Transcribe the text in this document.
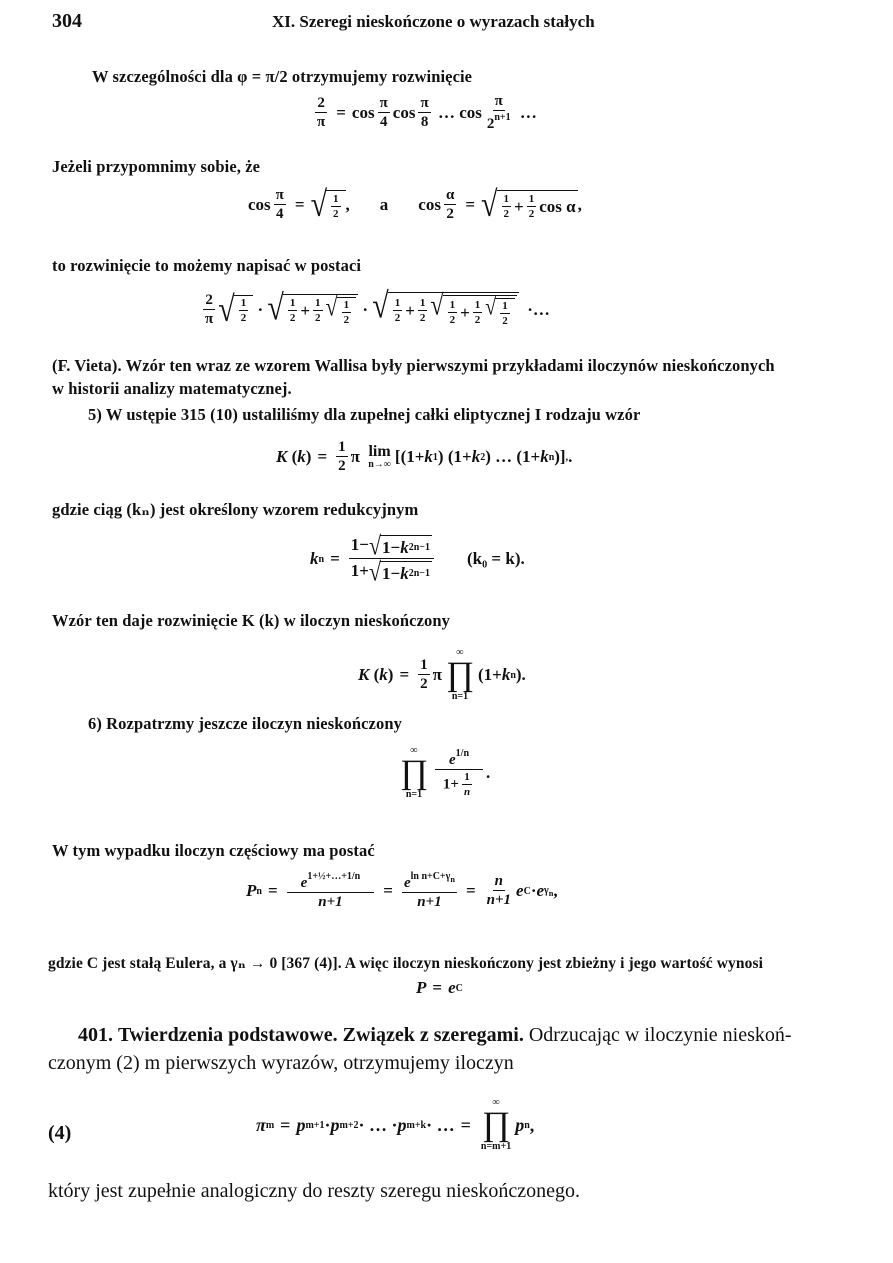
304	XI. Szeregi nieskończone o wyrazach stałych
W szczególności dla φ = π/2 otrzymujemy rozwinięcie
$\frac{2}{\pi} = \cos \frac{\pi}{4}$ $\cos \frac{\pi}{8}$ … $\cos \frac{\pi}{2^{n+1}}$ …
Jeżeli przypomnimy sobie, że
$\cos \frac{\pi}{4}$ = √ $\frac{1}{2}$ , a $\cos \frac{\alpha}{2}$ = √ $\frac{1}{2} + \frac{1}{2}$ cos α ,
to rozwinięcie to możemy napisać w postaci
$\frac{2}{\pi}$ √ $\frac{1}{2}$ · √ $\frac{1}{2} + \frac{1}{2}$ √ $\frac{1}{2}$ · √ $\frac{1}{2} + \frac{1}{2}$ √ $\frac{1}{2} + \frac{1}{2}$ √ $\frac{1}{2}$ ·…
(F. Vieta). Wzór ten wraz ze wzorem Wallisa były pierwszymi przykładami iloczynów nieskończonych
w historii analizy matematycznej.
5) W ustępie 315 (10) ustaliliśmy dla zupełnej całki eliptycznej I rodzaju wzór
K ( k ) = $\frac{1}{2}$ π lim
n→∞ [(1+ k 1 ) (1+ k 2 ) … (1+ k n )] , .
gdzie ciąg (kₙ) jest określony wzorem redukcyjnym
k $n = \frac{1- √ 1- k 2 n-1}{1+ √ 1- k 2 n-1} (k_0 = k)$.
Wzór ten daje rozwinięcie K (k) w iloczyn nieskończony
K ( k ) = $\frac{1}{2}$ π
∞
∏
n=1
(1+ k n ).
6) Rozpatrzmy jeszcze iloczyn nieskończony
∞
∏
$n=1 \frac{e^{1/n}}{1+ \frac{1}{n}}$ .
W tym wypadku iloczyn częściowy ma postać
P $n = \frac{e^{1+\frac{1}{2}+\dots+1/n}}{n+1} = \frac{e^{ln n+C+\gamma_n}}{n+1} = \frac{n}{n+1}$ e C · e $\gamma_n$ ,
gdzie C jest stałą Eulera, a γₙ → 0 [367 (4)]. A więc iloczyn nieskończony jest zbieżny i jego wartość wynosi
P = e C
401. Twierdzenia podstawowe. Związek z szeregami. Odrzucając w iloczynie nieskoń-
czonym (2) m pierwszych wyrazów, otrzymujemy iloczyn
(4)	π m = p m+1 · p m+2 · … · p m+k · … =
∞
∏
n=m+1
p n ,
który jest zupełnie analogiczny do reszty szeregu nieskończonego.
